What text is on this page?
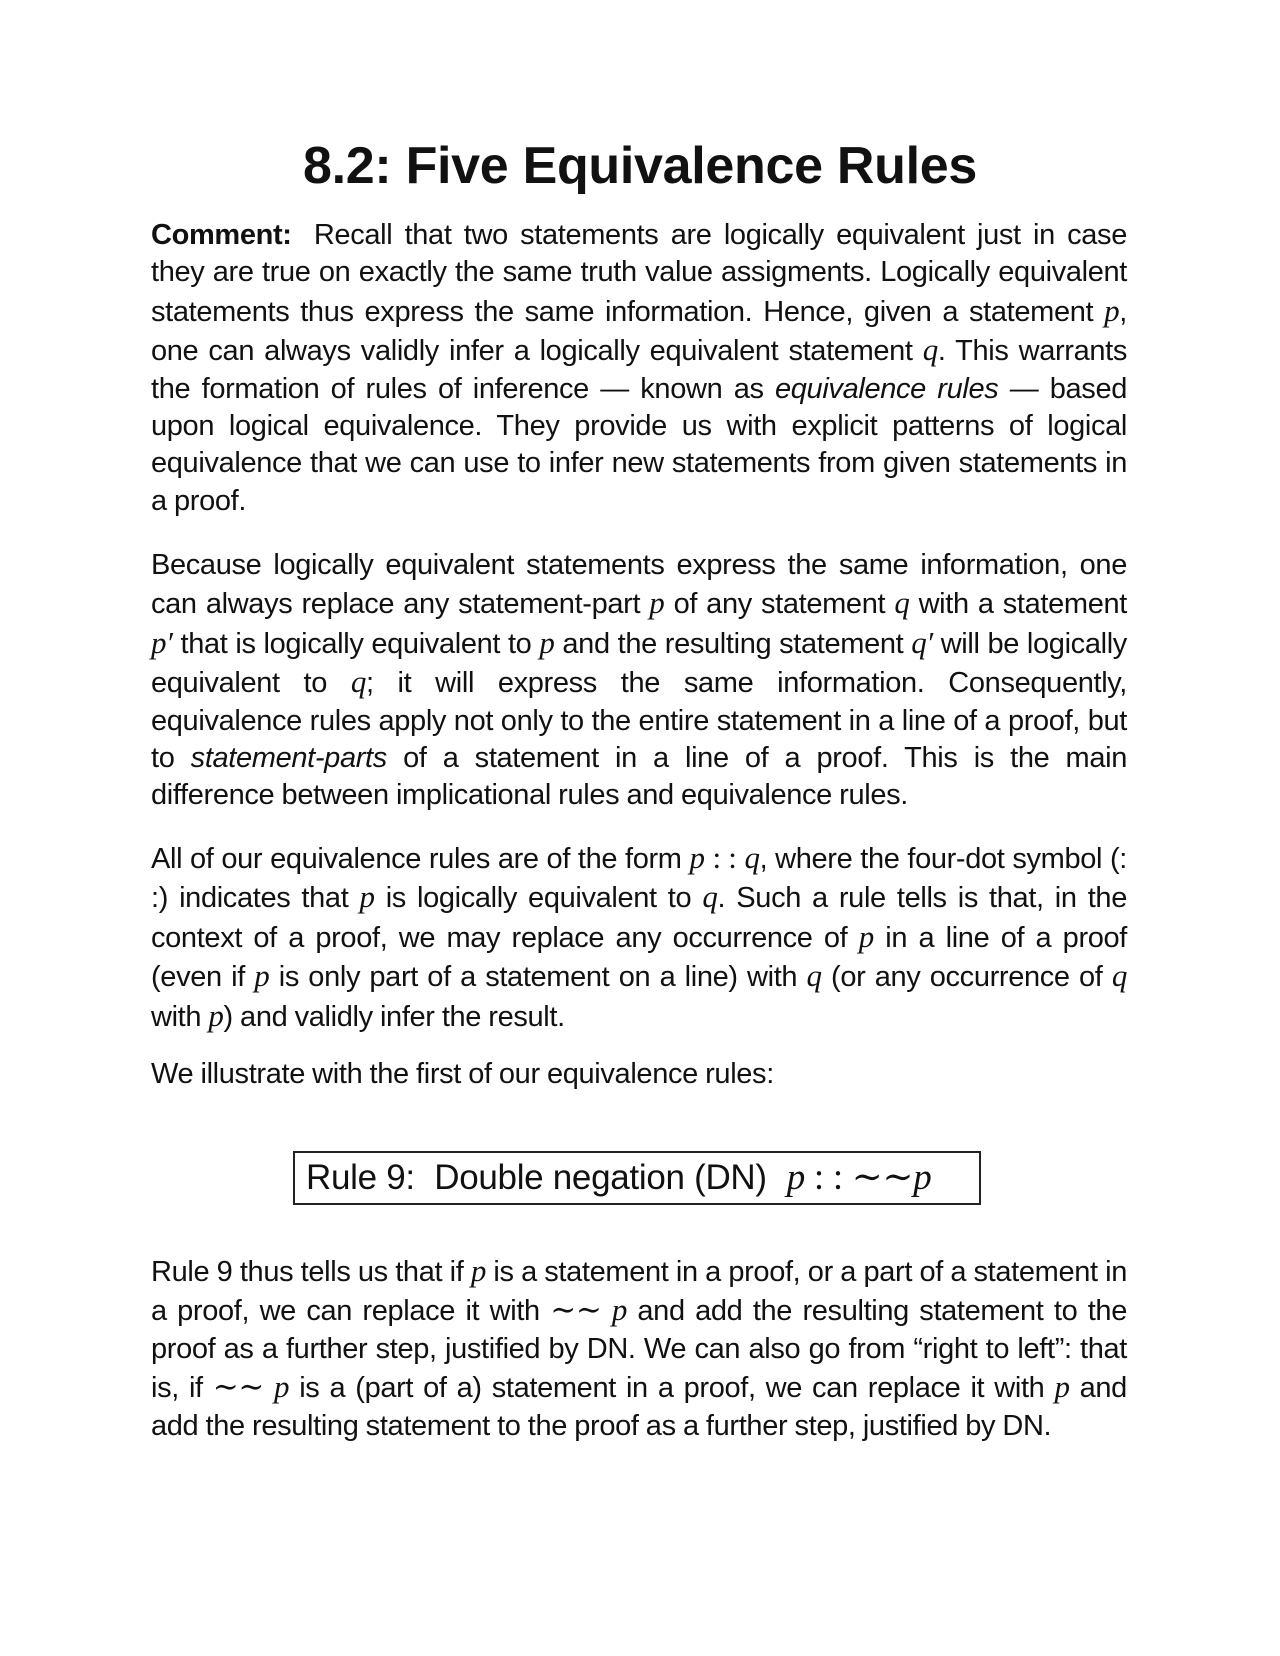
8.2: Five Equivalence Rules

Comment: Recall that two statements are logically equivalent just in case they are true on exactly the same truth value assigments. Logically equivalent statements thus express the same information. Hence, given a statement p, one can always validly infer a logically equivalent statement q. This warrants the formation of rules of inference — known as equivalence rules — based upon logical equivalence. They provide us with explicit patterns of logical equivalence that we can use to infer new statements from given statements in a proof.

Because logically equivalent statements express the same information, one can always replace any statement-part p of any statement q with a statement p′ that is logically equivalent to p and the resulting statement q′ will be logically equivalent to q; it will express the same information. Consequently, equivalence rules apply not only to the entire statement in a line of a proof, but to statement-parts of a statement in a line of a proof. This is the main difference between implicational rules and equivalence rules.

All of our equivalence rules are of the form p : : q, where the four-dot symbol (: :) indicates that p is logically equivalent to q. Such a rule tells is that, in the context of a proof, we may replace any occurrence of p in a line of a proof (even if p is only part of a statement on a line) with q (or any occurrence of q with p) and validly infer the result.

We illustrate with the first of our equivalence rules:

Rule 9: Double negation (DN) p : : ∼∼p

Rule 9 thus tells us that if p is a statement in a proof, or a part of a statement in a proof, we can replace it with ∼∼ p and add the resulting statement to the proof as a further step, justified by DN. We can also go from “right to left”: that is, if ∼∼ p is a (part of a) statement in a proof, we can replace it with p and add the resulting statement to the proof as a further step, justified by DN.
